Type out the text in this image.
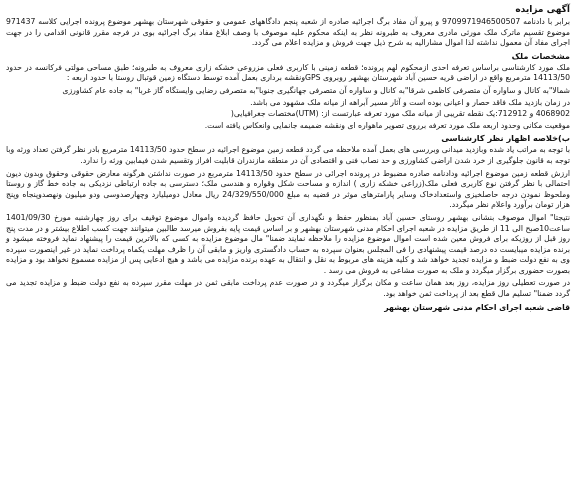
آگهی مزایده

برابر با دادنامه 9709971946500507 و پیرو آن مفاد برگ اجرائیه صادره از شعبه پنجم دادگاههای عمومی و حقوقی شهرستان بهشهر موضوع پرونده اجرایی کلاسه 971437 موضوع تقسیم ماترک ملک مورثی مادری معروف به طبرونه نظر به اینکه محکوم علیه موصوف با وصف ابلاغ مفاد برگ اجرائیه بوی در فرجه مقرر قانونی اقدامی را در جهت اجرای مفاد آن معمول نداشته لذا اموال مشارالیه به شرح ذیل جهت فروش و مزایده اعلام می گردد.

مشخصات ملک

ملک مورد کارشناسی براساس تعرفه احدی ازمحکوم لهم پرونده؛ قطعه زمینی با کاربری فعلی مزروعی خشکه زاری معروف به طبرونه؛ طبق مساحی مولتی فرکانسه در حدود 14113/50 مترمربع واقع در اراضی قریه حسین آباد شهرستان بهشهر روبروی GPSونقشه برداری بعمل آمده توسط دستگاه زمین قوتبال روستا با حدود اربعه :

شمالا"به کانال و ساواره آن متصرفی کاظمی شرقا"به کانال و ساواره آن متصرفی جهانگیری جنوبا"به متصرفی رضایی وایستگاه گاز غربا" به جاده عام کشاورزی

در زمان بازدید ملک فاقد حصار و اعیانی بوده است و آثار مسیر آبراهه از میانه ملک مشهود می باشد.

4068902 و 712912:یک نقطه تقریبی از میانه ملک مورد تعرفه عبارتست از: (UTM)مختصات جغرافیایی(

موقعیت مکانی وحدود اربعه ملک مورد تعرفه برروی تصویر ماهواره ای ونقشه ضمیمه جانمایی وانعکاس یافته است.

ب)خلاصه اظهار نظر کارشناسی

با توجه به مراتب یاد شده وبازدید میدانی وبررسی های بعمل آمده ملاحظه می گردد قطعه زمین موضوع اجرائیه در سطح حدود 14113/50 مترمربع بادر نظر گرفتن تعداد ورثه وبا توجه به قانون جلوگیری از خرد شدن اراضی کشاورزی و حد نصاب فنی و اقتصادی آن در منطقه مازندران قابلیت افراز وتقسیم شدن فیمابین ورثه را ندارد.

ارزش قطعه زمین موضوع اجرائیه ودادنامه صادره مضبوط در پرونده اجرائی در سطح حدود 14113/50 مترمربع در صورت نداشتن هرگونه معارض حقوقی وحقوق وبدون دیون احتمالی با نظر گرفتن نوع کاربری فعلی ملک(زراعی خشکه زاری ) اندازه و مساحت شکل وقواره و هندسی ملک؛ دسترسی به جاده ارتباطی نزدیکی به جاده خط گاز و روستا وملحوظ نمودن درجه حاصلخیزی واستعدادخاک وسایر پارامترهای موثر در قضیه به مبلغ 24/329/550/000 ریال معادل دومیلیارد وچهارصدوسی ودو میلیون ونهصدوپنجاه وپنج هزار تومان برآورد واعلام نظر میگردد.

نتیجتا" اموال موصوف بنشانی بهشهر روستای حسین آباد بمنظور حفظ و نگهداری آن تحویل حافظ گردیده واموال موضوع توقیف برای روز چهارشنبه مورخ 1401/09/30 ساعت10صبح الی 11 از طریق مزایده در شعبه اجرای احکام مدنی شهرستان بهشهر و بر اساس قیمت پایه بفروش میرسد طالبین میتوانند جهت کسب اطلاع بیشتر و در مدت پنج روز قبل از روزیکه برای فروش معین شده است اموال موضوع مزایده را ملاحظه نمایند ضمنا" مال موضوع مزایده به کسی که بالاترین قیمت را پیشنهاد نماید فروخته میشود و برنده مزایده میبایست ده درصد قیمت پیشنهادی را فی المجلس بعنوان سپرده به حساب دادگستری واریز و مابقی آن را ظرف مهلت یکماه پرداخت نماید در غیر اینصورت سپرده وی به نفع دولت ضبط و مزایده تجدید خواهد شد و کلیه هزینه های مربوط به نقل و انتقال به عهده برنده مزایده می باشد و هیچ ادعایی پس از مزایده مسموع نخواهد بود و مزایده بصورت حضوری برگزار میگردد و ملک به صورت مشاعی به فروش می رسد .

در صورت تعطیلی روز مزایده، روز بعد همان ساعت و مکان برگزار میگردد و در صورت عدم پرداخت مابقی ثمن در مهلت مقرر سپرده به نفع دولت ضبط و مزایده تجدید می گردد ضمنا" تسلیم مال قطع بعد از پرداخت ثمن خواهد بود.

قاضی شعبه اجرای احکام مدنی شهرستان بهشهر
